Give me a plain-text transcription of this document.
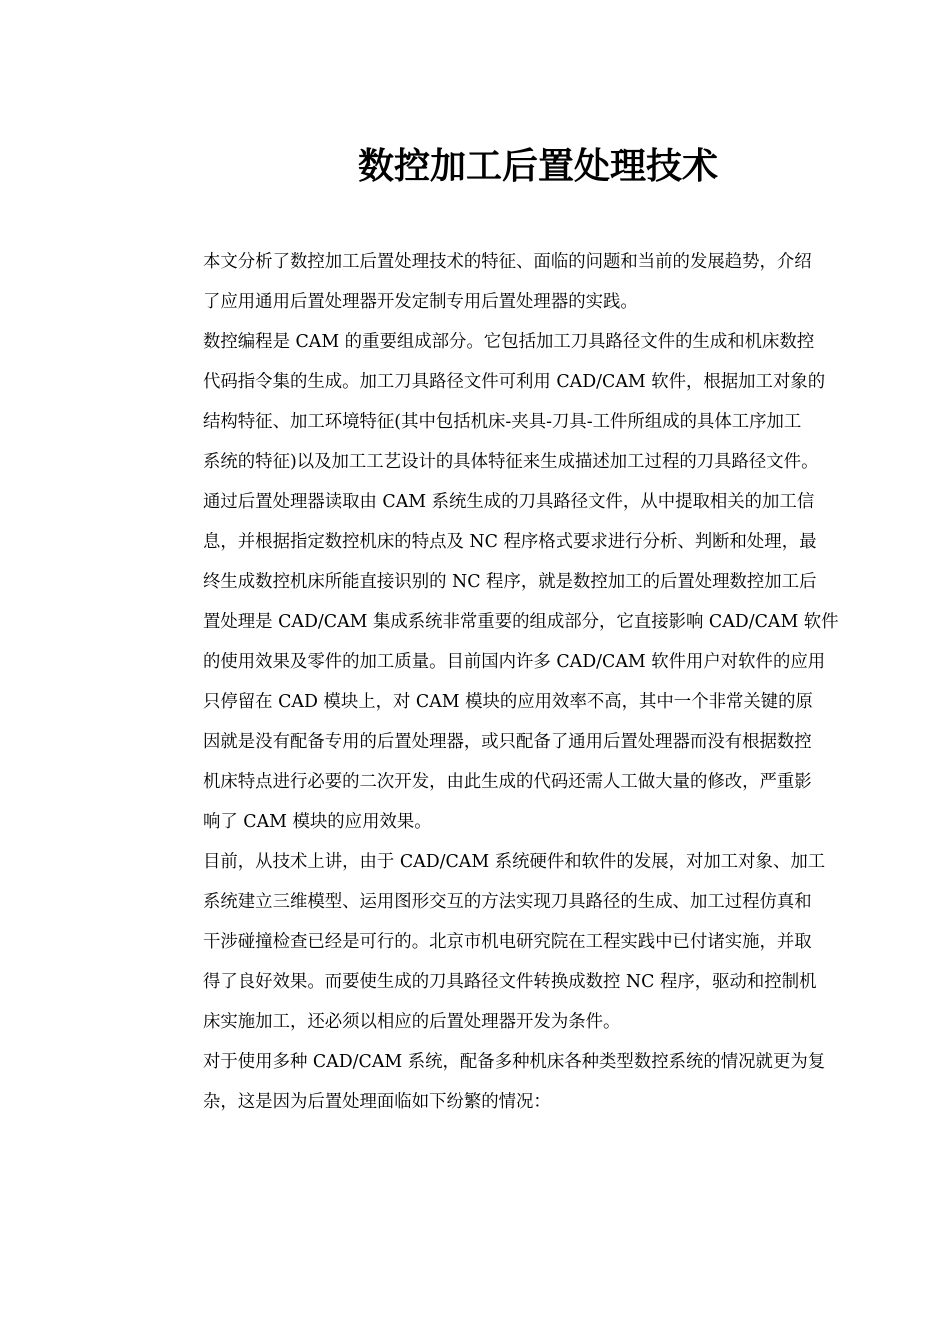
数控加工后置处理技术
本文分析了数控加工后置处理技术的特征、面临的问题和当前的发展趋势，介绍
了应用通用后置处理器开发定制专用后置处理器的实践。
数控编程是 CAM 的重要组成部分。它包括加工刀具路径文件的生成和机床数控
代码指令集的生成。加工刀具路径文件可利用 CAD/CAM 软件，根据加工对象的
结构特征、加工环境特征(其中包括机床-夹具-刀具-工件所组成的具体工序加工
系统的特征)以及加工工艺设计的具体特征来生成描述加工过程的刀具路径文件。
通过后置处理器读取由 CAM 系统生成的刀具路径文件，从中提取相关的加工信
息，并根据指定数控机床的特点及 NC 程序格式要求进行分析、判断和处理，最
终生成数控机床所能直接识别的 NC 程序，就是数控加工的后置处理数控加工后
置处理是 CAD/CAM 集成系统非常重要的组成部分，它直接影响 CAD/CAM 软件
的使用效果及零件的加工质量。目前国内许多 CAD/CAM 软件用户对软件的应用
只停留在 CAD 模块上，对 CAM 模块的应用效率不高，其中一个非常关键的原
因就是没有配备专用的后置处理器，或只配备了通用后置处理器而没有根据数控
机床特点进行必要的二次开发，由此生成的代码还需人工做大量的修改，严重影
响了 CAM 模块的应用效果。
目前，从技术上讲，由于 CAD/CAM 系统硬件和软件的发展，对加工对象、加工
系统建立三维模型、运用图形交互的方法实现刀具路径的生成、加工过程仿真和
干涉碰撞检查已经是可行的。北京市机电研究院在工程实践中已付诸实施，并取
得了良好效果。而要使生成的刀具路径文件转换成数控 NC 程序，驱动和控制机
床实施加工，还必须以相应的后置处理器开发为条件。
对于使用多种 CAD/CAM 系统，配备多种机床各种类型数控系统的情况就更为复
杂，这是因为后置处理面临如下纷繁的情况：
